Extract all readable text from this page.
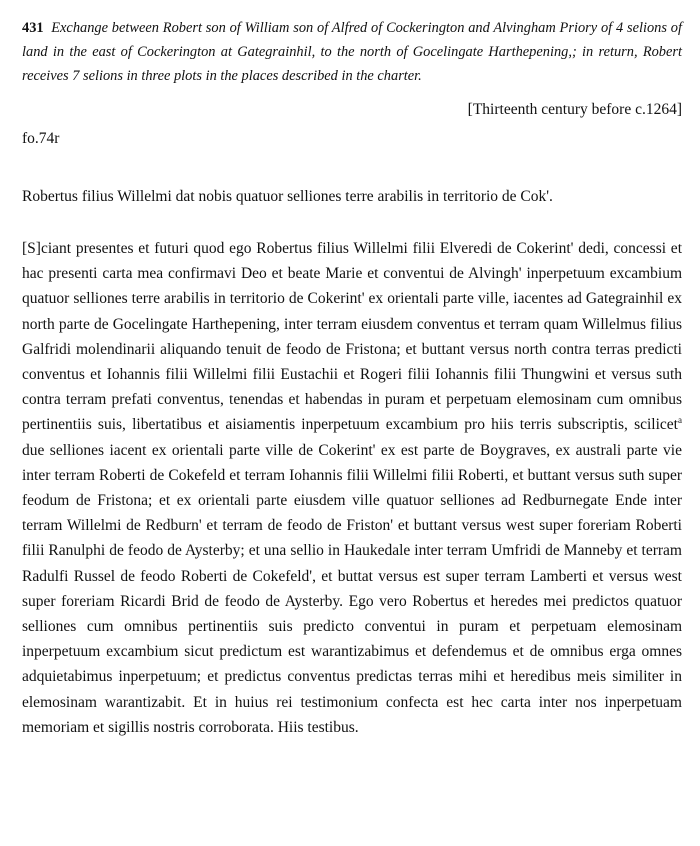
431 Exchange between Robert son of William son of Alfred of Cockerington and Alvingham Priory of 4 selions of land in the east of Cockerington at Gategrainhil, to the north of Gocelingate Harthepening,; in return, Robert receives 7 selions in three plots in the places described in the charter.
[Thirteenth century before c.1264]
fo.74r
Robertus filius Willelmi dat nobis quatuor selliones terre arabilis in territorio de Cok'.
[S]ciant presentes et futuri quod ego Robertus filius Willelmi filii Elveredi de Cokerint' dedi, concessi et hac presenti carta mea confirmavi Deo et beate Marie et conventui de Alvingh' inperpetuum excambium quatuor selliones terre arabilis in territorio de Cokerint' ex orientali parte ville, iacentes ad Gategrainhil ex north parte de Gocelingate Harthepening, inter terram eiusdem conventus et terram quam Willelmus filius Galfridi molendinarii aliquando tenuit de feodo de Fristona; et buttant versus north contra terras predicti conventus et Iohannis filii Willelmi filii Eustachii et Rogeri filii Iohannis filii Thungwini et versus suth contra terram prefati conventus, tenendas et habendas in puram et perpetuam elemosinam cum omnibus pertinentiis suis, libertatibus et aisiamentis inperpetuum excambium pro hiis terris subscriptis, scilicet$^a$ due selliones iacent ex orientali parte ville de Cokerint' ex est parte de Boygraves, ex australi parte vie inter terram Roberti de Cokefeld et terram Iohannis filii Willelmi filii Roberti, et buttant versus suth super feodum de Fristona; et ex orientali parte eiusdem ville quatuor selliones ad Redburnegate Ende inter terram Willelmi de Redburn' et terram de feodo de Friston' et buttant versus west super foreriam Roberti filii Ranulphi de feodo de Aysterby; et una sellio in Haukedale inter terram Umfridi de Manneby et terram Radulfi Russel de feodo Roberti de Cokefeld', et buttat versus est super terram Lamberti et versus west super foreriam Ricardi Brid de feodo de Aysterby. Ego vero Robertus et heredes mei predictos quatuor selliones cum omnibus pertinentiis suis predicto conventui in puram et perpetuam elemosinam inperpetuum excambium sicut predictum est warantizabimus et defendemus et de omnibus erga omnes adquietabimus inperpetuum; et predictus conventus predictas terras mihi et heredibus meis similiter in elemosinam warantizabit. Et in huius rei testimonium confecta est hec carta inter nos inperpetuam memoriam et sigillis nostris corroborata. Hiis testibus.
